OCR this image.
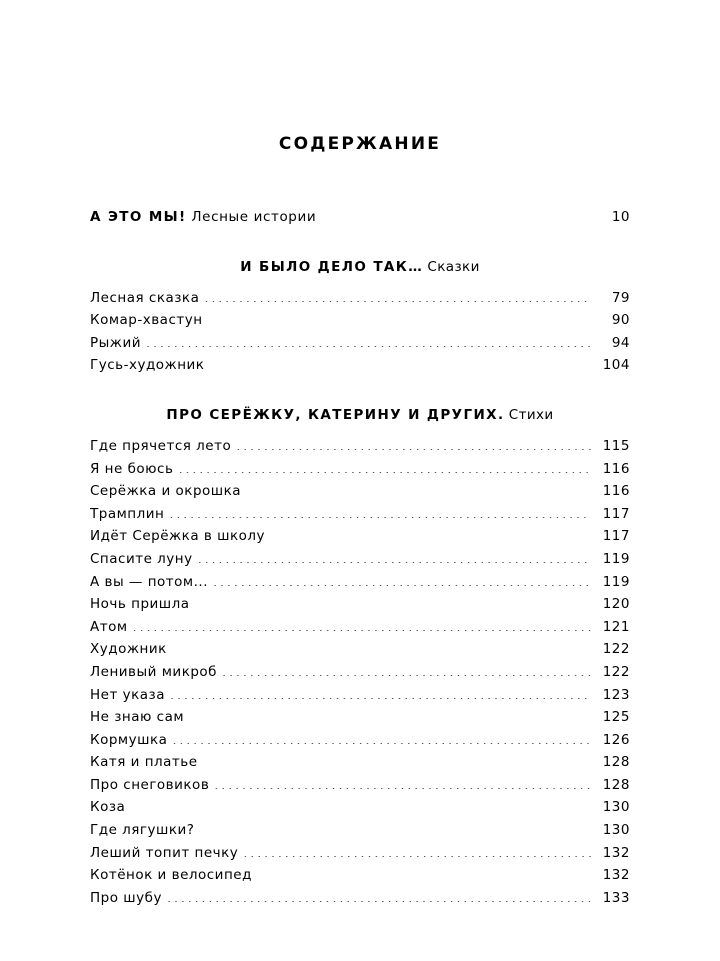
СОДЕРЖАНИЕ
А ЭТО МЫ! Лесные истории .....	10
И БЫЛО ДЕЛО ТАК… Сказки
Лесная сказка .....	79
Комар-хвастун .....	90
Рыжий .....	94
Гусь-художник .....	104
ПРО СЕРЁЖКУ, КАТЕРИНУ И ДРУГИХ. Стихи
Где прячется лето .....	115
Я не боюсь .....	116
Серёжка и окрошка .....	116
Трамплин .....	117
Идёт Серёжка в школу .....	117
Спасите луну .....	119
А вы — потом... .....	119
Ночь пришла .....	120
Атом .....	121
Художник .....	122
Ленивый микроб .....	122
Нет указа .....	123
Не знаю сам .....	125
Кормушка .....	126
Катя и платье .....	128
Про снеговиков .....	128
Коза .....	130
Где лягушки? .....	130
Леший топит печку .....	132
Котёнок и велосипед .....	132
Про шубу .....	133
